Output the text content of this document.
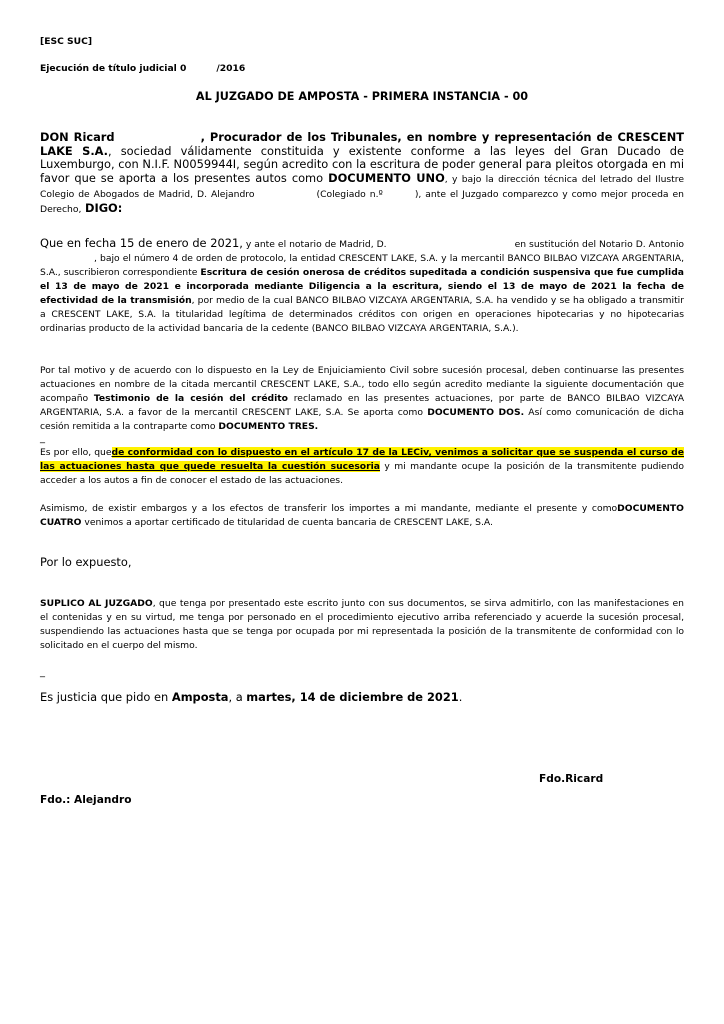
[ESC SUC]

Ejecución de título judicial 0	/2016

AL JUZGADO DE AMPOSTA - PRIMERA INSTANCIA - 00

DON Ricard	, Procurador de los Tribunales, en nombre y representación de CRESCENT LAKE S.A., sociedad válidamente constituida y existente conforme a las leyes del Gran Ducado de Luxemburgo, con N.I.F. N0059944I, según acredito con la escritura de poder general para pleitos otorgada en mi favor que se aporta a los presentes autos como DOCUMENTO UNO, y bajo la dirección técnica del letrado del Ilustre Colegio de Abogados de Madrid, D. Alejandro	(Colegiado n.º	), ante el Juzgado comparezco y como mejor proceda en Derecho, DIGO:

Que en fecha 15 de enero de 2021, y ante el notario de Madrid, D.	en sustitución del Notario D. Antonio, bajo el número 4 de orden de protocolo, la entidad CRESCENT LAKE, S.A. y la mercantil BANCO BILBAO VIZCAYA ARGENTARIA, S.A., suscribieron correspondiente Escritura de cesión onerosa de créditos supeditada a condición suspensiva que fue cumplida el 13 de mayo de 2021 e incorporada mediante Diligencia a la escritura, siendo el 13 de mayo de 2021 la fecha de efectividad de la transmisión, por medio de la cual BANCO BILBAO VIZCAYA ARGENTARIA, S.A. ha vendido y se ha obligado a transmitir a CRESCENT LAKE, S.A. la titularidad legítima de determinados créditos con origen en operaciones hipotecarias y no hipotecarias ordinarias producto de la actividad bancaria de la cedente (BANCO BILBAO VIZCAYA ARGENTARIA, S.A.).

Por tal motivo y de acuerdo con lo dispuesto en la Ley de Enjuiciamiento Civil sobre sucesión procesal, deben continuarse las presentes actuaciones en nombre de la citada mercantil CRESCENT LAKE, S.A., todo ello según acredito mediante la siguiente documentación que acompaño Testimonio de la cesión del crédito reclamado en las presentes actuaciones, por parte de BANCO BILBAO VIZCAYA ARGENTARIA, S.A. a favor de la mercantil CRESCENT LAKE, S.A. Se aporta como DOCUMENTO DOS. Así como comunicación de dicha cesión remitida a la contraparte como DOCUMENTO TRES.

_

Es por ello, quede conformidad con lo dispuesto en el artículo 17 de la LECiv, venimos a solicitar que se suspenda el curso de las actuaciones hasta que quede resuelta la cuestión sucesoria y mi mandante ocupe la posición de la transmitente pudiendo acceder a los autos a fin de conocer el estado de las actuaciones.

Asimismo, de existir embargos y a los efectos de transferir los importes a mi mandante, mediante el presente y comoDOCUMENTO CUATRO venimos a aportar certificado de titularidad de cuenta bancaria de CRESCENT LAKE, S.A.

Por lo expuesto,

SUPLICO AL JUZGADO, que tenga por presentado este escrito junto con sus documentos, se sirva admitirlo, con las manifestaciones en el contenidas y en su virtud, me tenga por personado en el procedimiento ejecutivo arriba referenciado y acuerde la sucesión procesal, suspendiendo las actuaciones hasta que se tenga por ocupada por mi representada la posición de la transmitente de conformidad con lo solicitado en el cuerpo del mismo.

_

Es justicia que pido en Amposta, a martes, 14 de diciembre de 2021.

Fdo.Ricard

Fdo.: Alejandro
